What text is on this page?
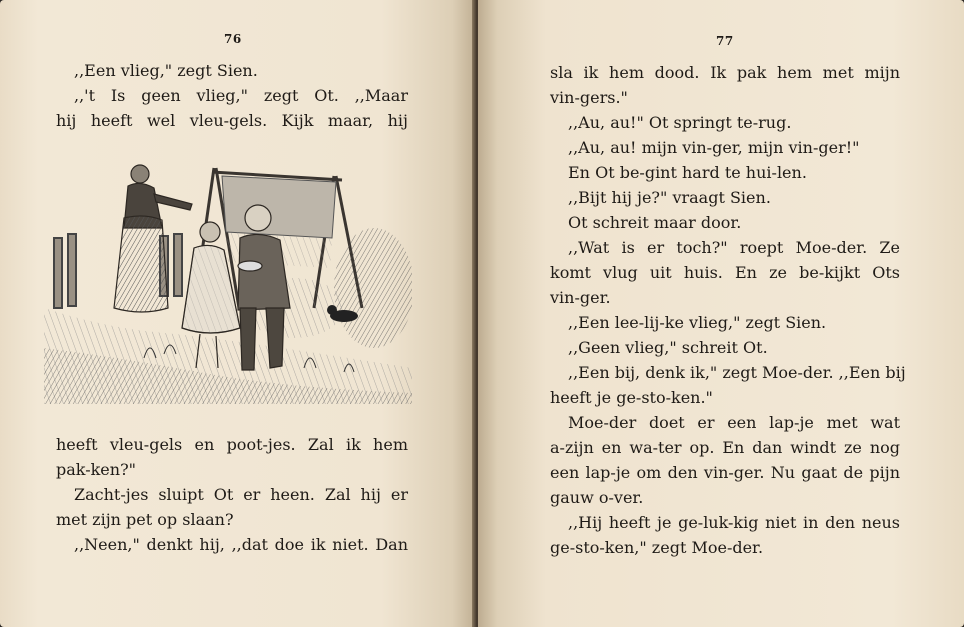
76
,,Een vlieg," zegt Sien.
,,'t Is geen vlieg," zegt Ot. ,,Maar
hij heeft wel vleu-gels. Kijk maar, hij
heeft vleu-gels en poot-jes. Zal ik hem
pak-ken?"
Zacht-jes sluipt Ot er heen. Zal hij er
met zijn pet op slaan?
,,Neen," denkt hij, ,,dat doe ik niet. Dan
77
sla ik hem dood. Ik pak hem met mijn
vin-gers."
,,Au, au!" Ot springt te-rug.
,,Au, au! mijn vin-ger, mijn vin-ger!"
En Ot be-gint hard te hui-len.
,,Bijt hij je?" vraagt Sien.
Ot schreit maar door.
,,Wat is er toch?" roept Moe-der. Ze
komt vlug uit huis. En ze be-kijkt Ots
vin-ger.
,,Een lee-lij-ke vlieg," zegt Sien.
,,Geen vlieg," schreit Ot.
,,Een bij, denk ik," zegt Moe-der. ,,Een bij
heeft je ge-sto-ken."
Moe-der doet er een lap-je met wat
a-zijn en wa-ter op. En dan windt ze nog
een lap-je om den vin-ger. Nu gaat de pijn
gauw o-ver.
,,Hij heeft je ge-luk-kig niet in den neus
ge-sto-ken," zegt Moe-der.
